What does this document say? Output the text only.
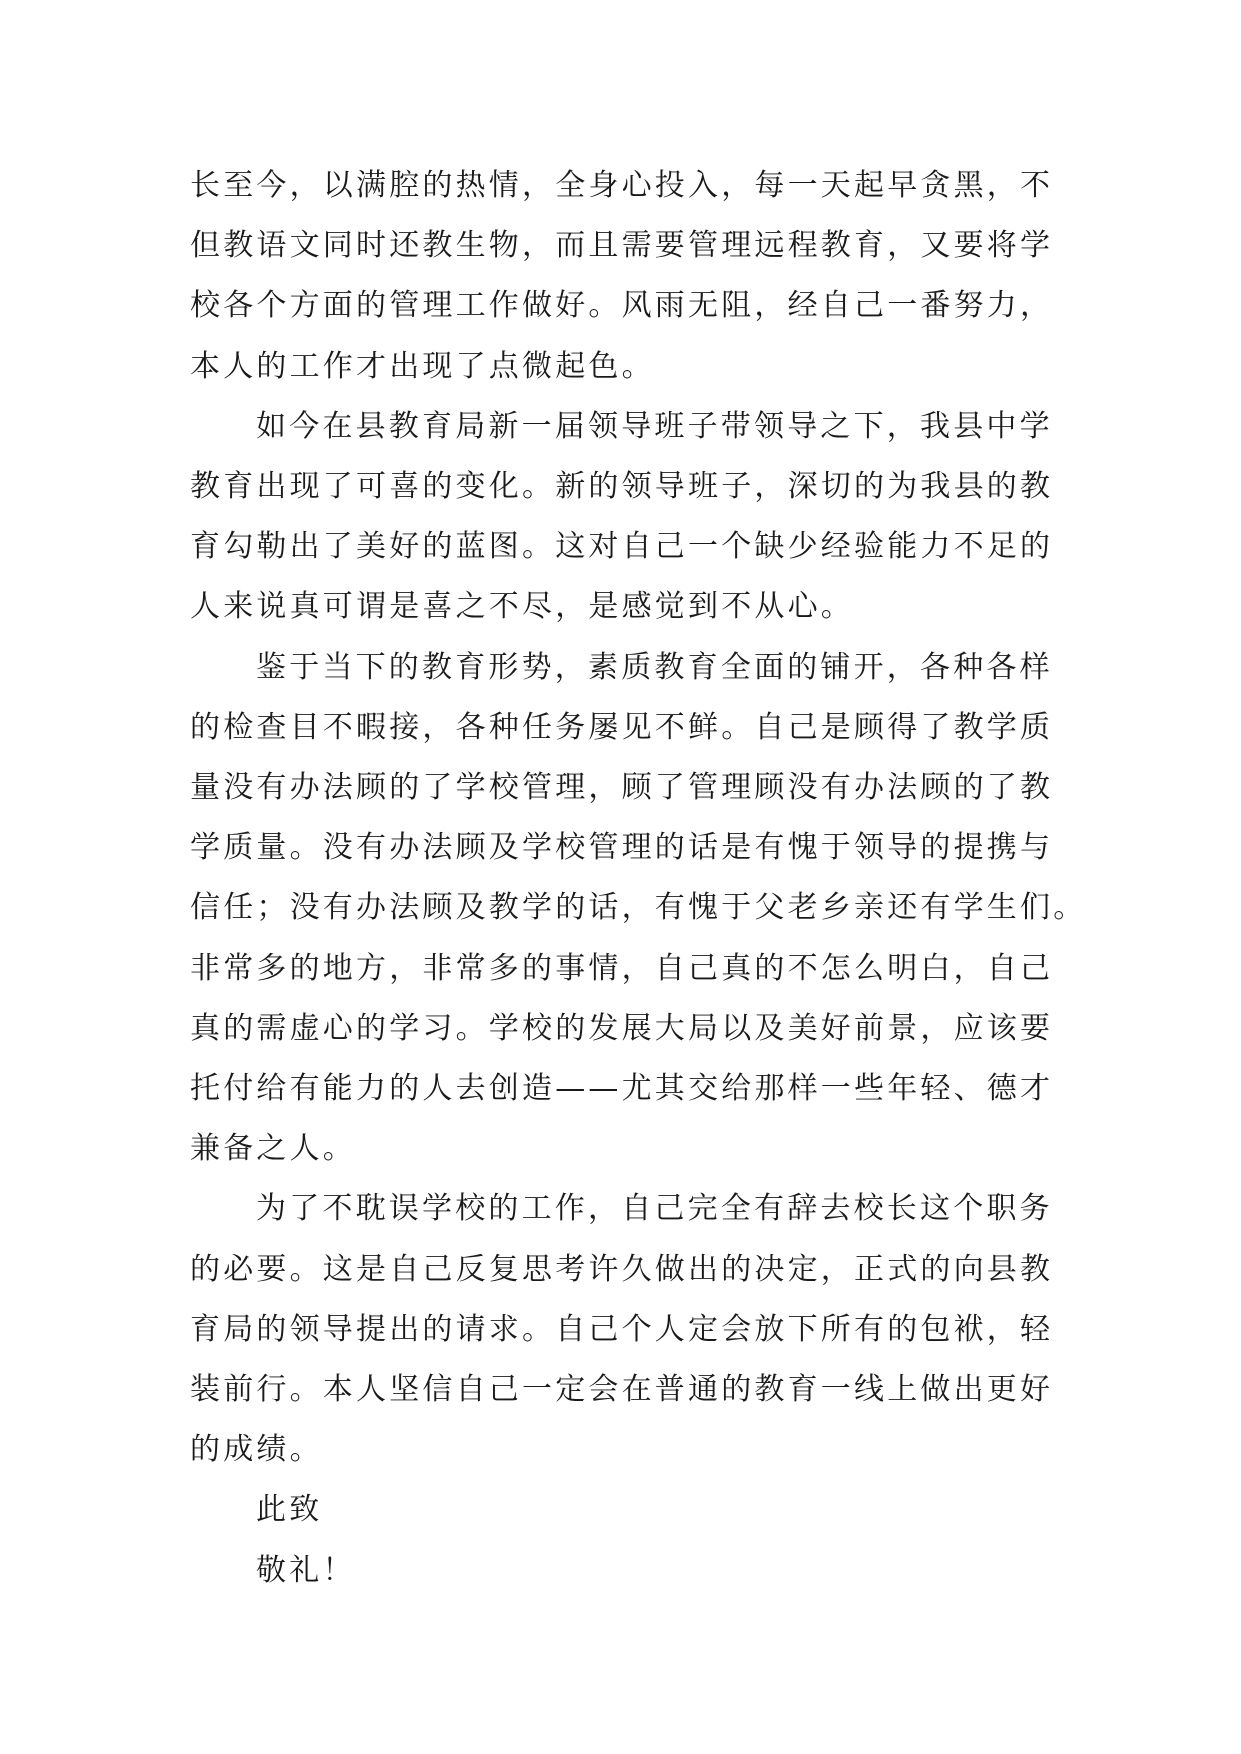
长至今，以满腔的热情，全身心投入，每一天起早贪黑，不
但教语文同时还教生物，而且需要管理远程教育，又要将学
校各个方面的管理工作做好。风雨无阻，经自己一番努力，
本人的工作才出现了点微起色。
如今在县教育局新一届领导班子带领导之下，我县中学
教育出现了可喜的变化。新的领导班子，深切的为我县的教
育勾勒出了美好的蓝图。这对自己一个缺少经验能力不足的
人来说真可谓是喜之不尽，是感觉到不从心。
鉴于当下的教育形势，素质教育全面的铺开，各种各样
的检查目不暇接，各种任务屡见不鲜。自己是顾得了教学质
量没有办法顾的了学校管理，顾了管理顾没有办法顾的了教
学质量。没有办法顾及学校管理的话是有愧于领导的提携与
信任；没有办法顾及教学的话，有愧于父老乡亲还有学生们。
非常多的地方，非常多的事情，自己真的不怎么明白，自己
真的需虚心的学习。学校的发展大局以及美好前景，应该要
托付给有能力的人去创造——尤其交给那样一些年轻、德才
兼备之人。
为了不耽误学校的工作，自己完全有辞去校长这个职务
的必要。这是自己反复思考许久做出的决定，正式的向县教
育局的领导提出的请求。自己个人定会放下所有的包袱，轻
装前行。本人坚信自己一定会在普通的教育一线上做出更好
的成绩。
此致
敬礼！
